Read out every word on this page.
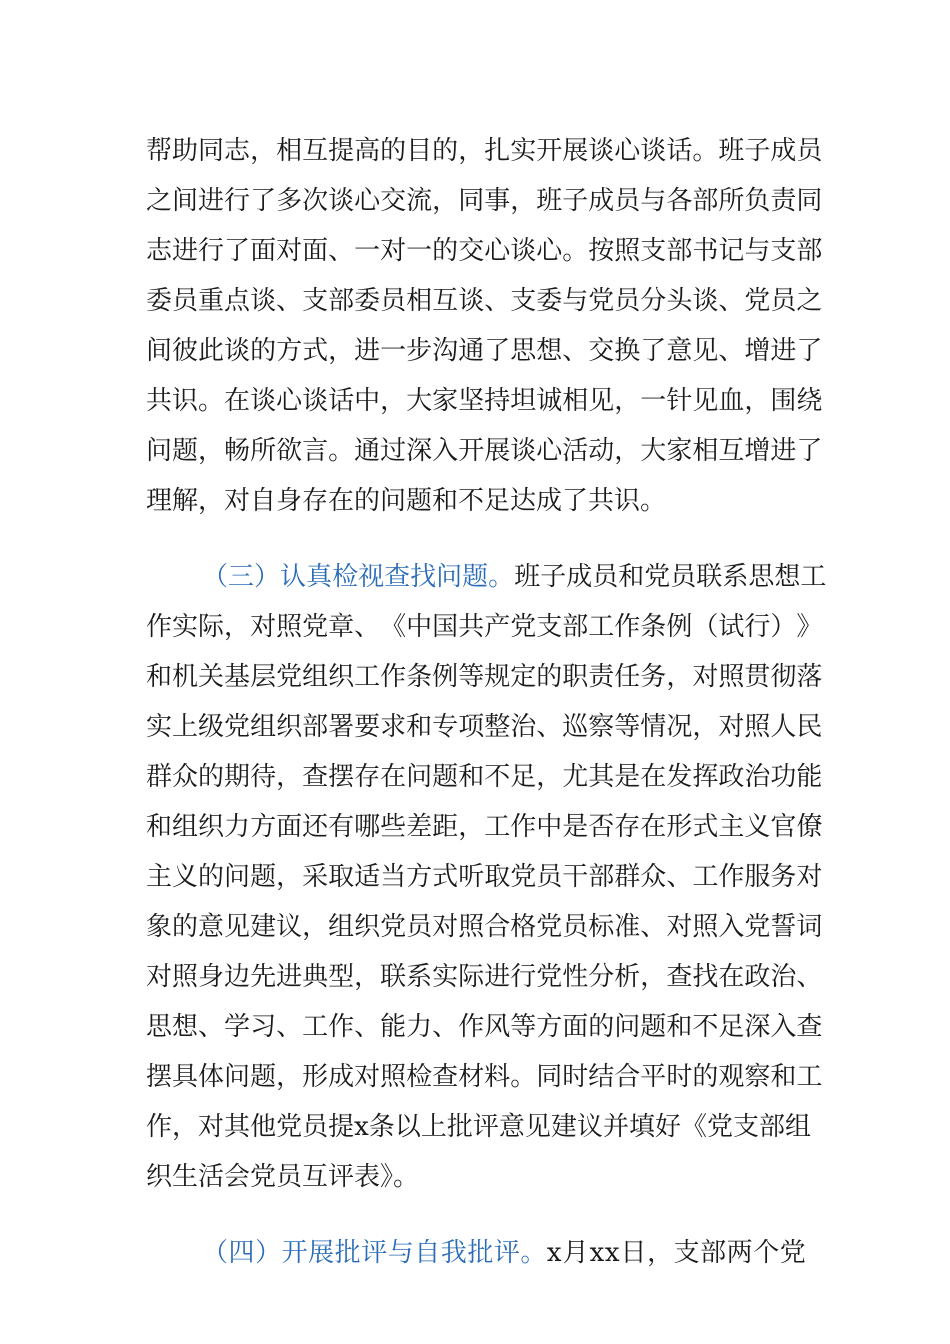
帮 助 同 志 ， 相 互 提 高 的 目 的 ， 扎 实 开 展 谈 心 谈 话 。 班 子 成 员
之 间 进 行 了 多 次 谈 心 交 流 ， 同 事 ， 班 子 成 员 与 各 部 所 负 责 同
志 进 行 了 面 对 面 、 一 对 一 的 交 心 谈 心 。 按 照 支 部 书 记 与 支 部
委 员 重 点 谈 、 支 部 委 员 相 互 谈 、 支 委 与 党 员 分 头 谈 、 党 员 之
间 彼 此 谈 的 方 式 ， 进 一 步 沟 通 了 思 想 、 交 换 了 意 见 、 增 进 了
共 识 。 在 谈 心 谈 话 中 ， 大 家 坚 持 坦 诚 相 见 ， 一 针 见 血 ， 围 绕
问 题 ， 畅 所 欲 言 。 通 过 深 入 开 展 谈 心 活 动 ， 大 家 相 互 增 进 了
理解，对自身存在的问题和不足达成了共识。
（ 三 ） 认 真 检 视 查 找 问 题 。 班 子 成 员 和 党 员 联 系 思 想 工
作 实 际 ， 对 照 党 章 、 《 中 国 共 产 党 支 部 工 作 条 例 （ 试 行 ） 》
和 机 关 基 层 党 组 织 工 作 条 例 等 规 定 的 职 责 任 务 ， 对 照 贯 彻 落
实 上 级 党 组 织 部 署 要 求 和 专 项 整 治 、 巡 察 等 情 况 ， 对 照 人 民
群 众 的 期 待 ， 查 摆 存 在 问 题 和 不 足 ， 尤 其 是 在 发 挥 政 治 功 能
和 组 织 力 方 面 还 有 哪 些 差 距 ， 工 作 中 是 否 存 在 形 式 主 义 官 僚
主 义 的 问 题 ， 采 取 适 当 方 式 听 取 党 员 干 部 群 众 、 工 作 服 务 对
象 的 意 见 建 议 ， 组 织 党 员 对 照 合 格 党 员 标 准 、 对 照 入 党 誓 词
对 照 身 边 先 进 典 型 ， 联 系 实 际 进 行 党 性 分 析 ， 查 找 在 政 治 、
思 想 、 学 习 、 工 作 、 能 力 、 作 风 等 方 面 的 问 题 和 不 足 深 入 查
摆 具 体 问 题 ， 形 成 对 照 检 查 材 料 。 同 时 结 合 平 时 的 观 察 和 工
作 ， 对 其 他 党 员 提 x 条 以 上 批 评 意 见 建 议 并 填 好 《 党 支 部 组
织生活会党员互评表》。
（ 四 ） 开 展 批 评 与 自 我 批 评 。 x 月 x x 日 ， 支 部 两 个 党
